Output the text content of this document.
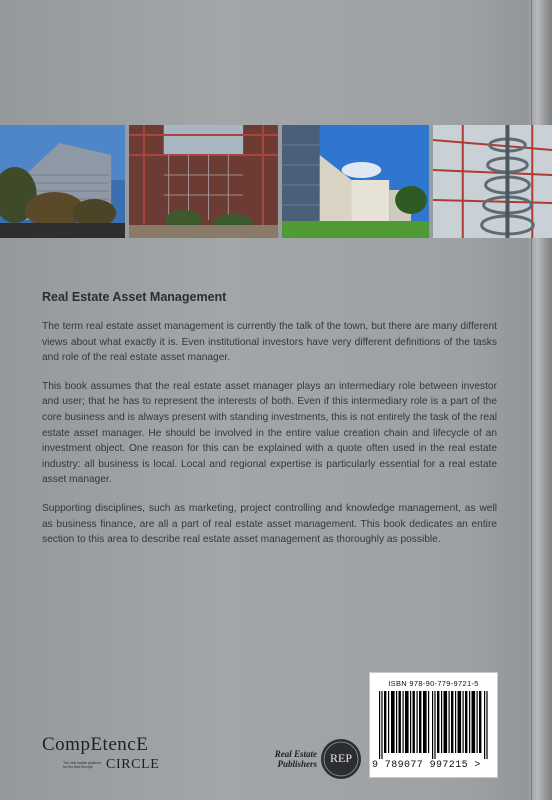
Real Estate Asset Management

The term real estate asset management is currently the talk of the town, but there are many different views about what exactly it is. Even institutional investors have very different definitions of the tasks and role of the real estate asset manager.

This book assumes that the real estate asset manager plays an intermediary role between investor and user; that he has to represent the interests of both. Even if this intermediary role is a part of the core business and is always present with standing investments, this is not entirely the task of the real estate asset manager. He should be involved in the entire value creation chain and lifecycle of an investment object. One reason for this can be explained with a quote often used in the real estate industry: all business is local. Local and regional expertise is particularly essential for a real estate asset manager.

Supporting disciplines, such as marketing, project controlling and knowledge management, as well as business finance, are all a part of real estate asset management. This book dedicates an entire section to this area to describe real estate asset management as thoroughly as possible.

CompEtencE
The real estate platform for the first Europe CIRCLE
Real Estate
Publishers	REP
ISBN 978-90-779-9721-5
9 789077 997215 >
